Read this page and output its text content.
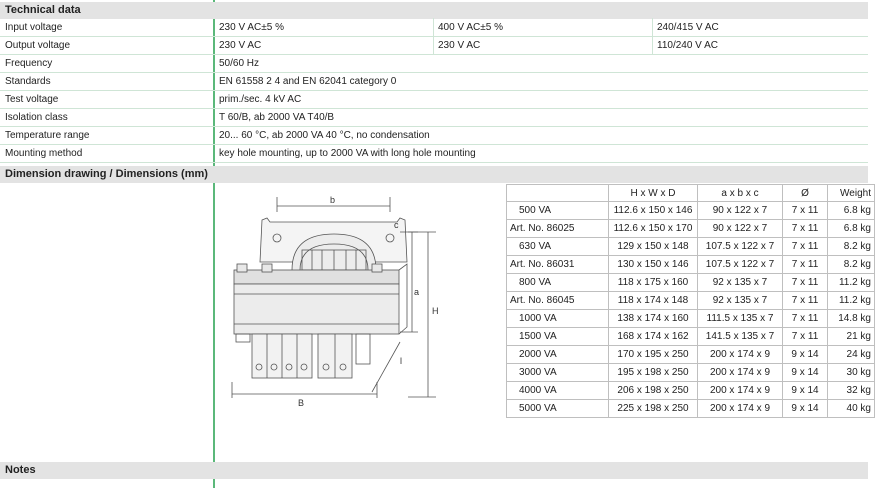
Technical data
Input voltage	230 V AC±5 %	400 V AC±5 %	240/415 V AC
Output voltage	230 V AC	230 V AC	110/240 V AC
Frequency	50/60 Hz
Standards	EN 61558 2 4 and EN 62041 category 0
Test voltage	prim./sec. 4 kV AC
Isolation class	T 60/B, ab 2000 VA T40/B
Temperature range	20... 60 °C, ab 2000 VA 40 °C, no condensation
Mounting method	key hole mounting, up to 2000 VA with long hole mounting
Dimension drawing / Dimensions (mm)
b
c
a
H
l
B
	H x W x D	a x b x c	Ø	Weight
500 VA	112.6 x 150 x 146	90 x 122 x 7	7 x 11	6.8 kg
Art. No. 86025	112.6 x 150 x 170	90 x 122 x 7	7 x 11	6.8 kg
630 VA	129 x 150 x 148	107.5 x 122 x 7	7 x 11	8.2 kg
Art. No. 86031	130 x 150 x 146	107.5 x 122 x 7	7 x 11	8.2 kg
800 VA	118 x 175 x 160	92 x 135 x 7	7 x 11	11.2 kg
Art. No. 86045	118 x 174 x 148	92 x 135 x 7	7 x 11	11.2 kg
1000 VA	138 x 174 x 160	111.5 x 135 x 7	7 x 11	14.8 kg
1500 VA	168 x 174 x 162	141.5 x 135 x 7	7 x 11	21 kg
2000 VA	170 x 195 x 250	200 x 174 x 9	9 x 14	24 kg
3000 VA	195 x 198 x 250	200 x 174 x 9	9 x 14	30 kg
4000 VA	206 x 198 x 250	200 x 174 x 9	9 x 14	32 kg
5000 VA	225 x 198 x 250	200 x 174 x 9	9 x 14	40 kg
Notes
